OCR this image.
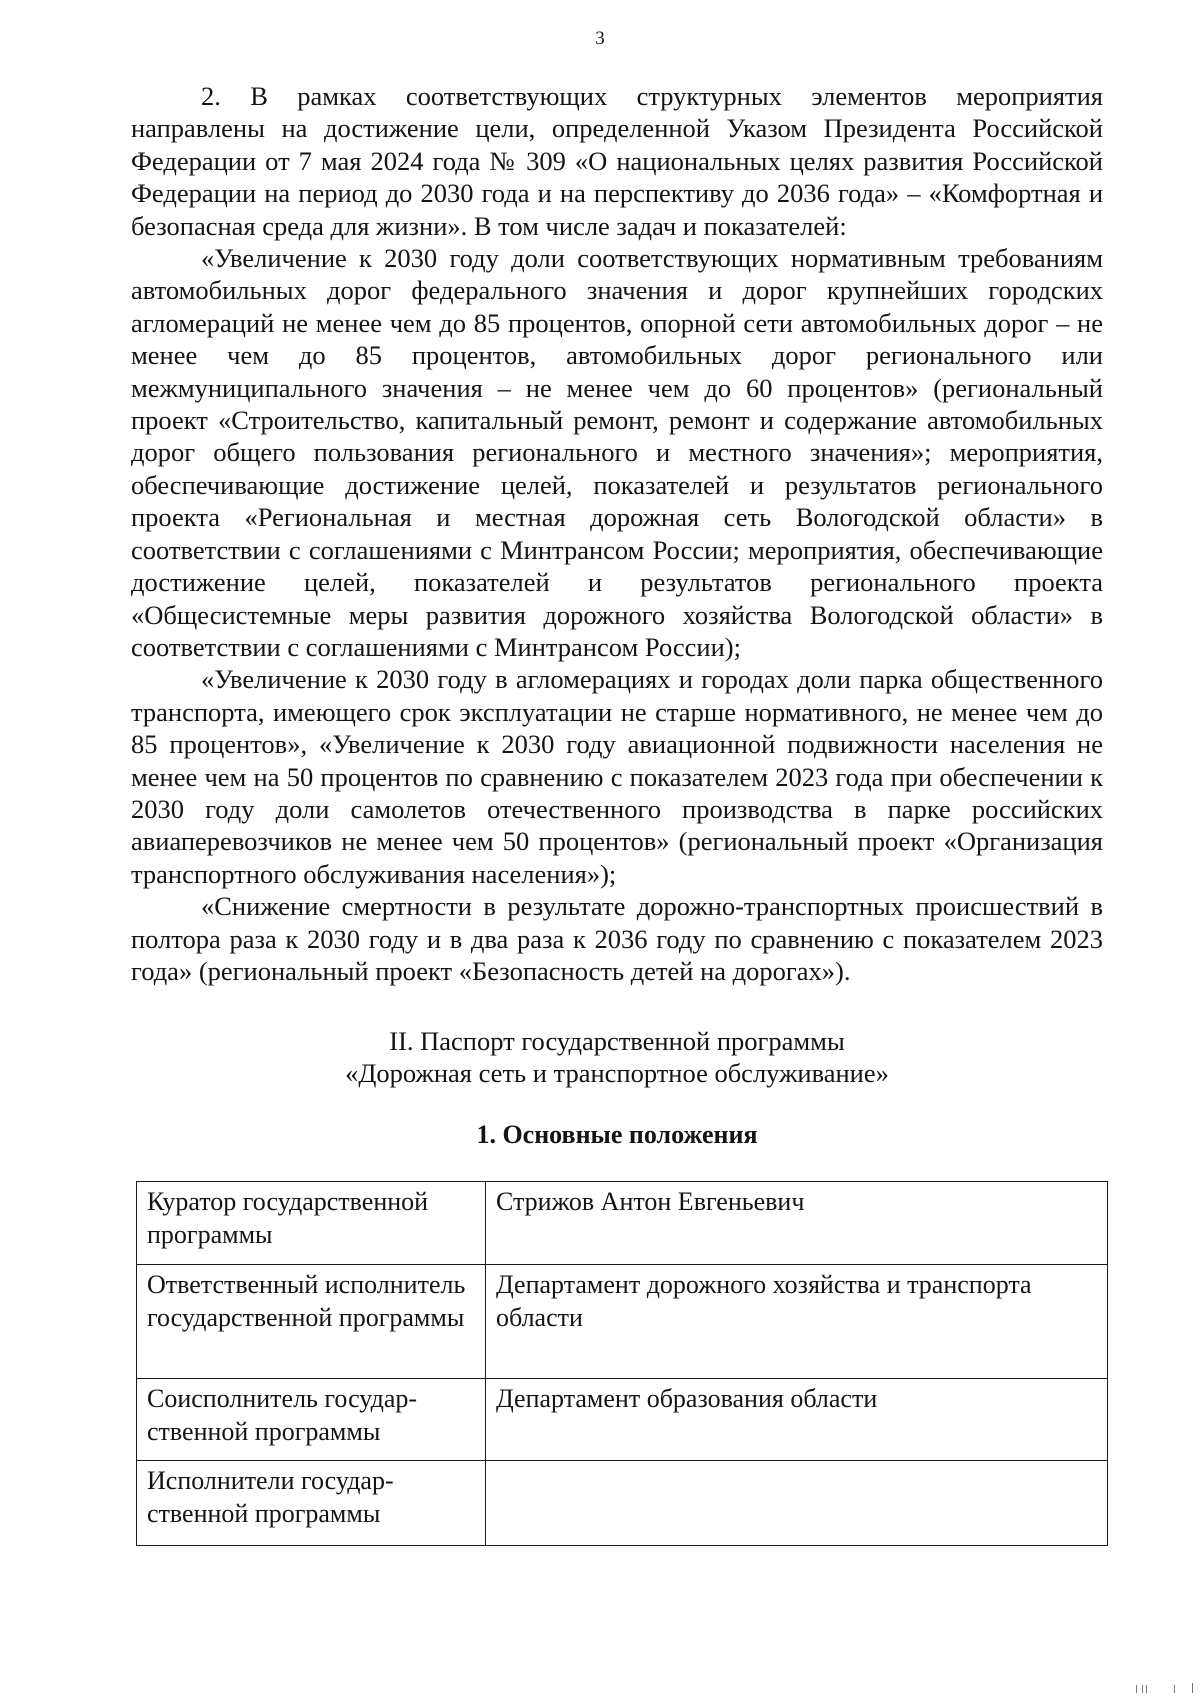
3

2. В рамках соответствующих структурных элементов мероприятия направлены на достижение цели, определенной Указом Президента Российской Федерации от 7 мая 2024 года № 309 «О национальных целях развития Российской Федерации на период до 2030 года и на перспективу до 2036 года» – «Комфортная и безопасная среда для жизни». В том числе задач и показателей:

«Увеличение к 2030 году доли соответствующих нормативным требованиям автомобильных дорог федерального значения и дорог крупнейших городских агломераций не менее чем до 85 процентов, опорной сети автомобильных дорог – не менее чем до 85 процентов, автомобильных дорог регионального или межмуниципального значения – не менее чем до 60 процентов» (региональный проект «Строительство, капитальный ремонт, ремонт и содержание автомобильных дорог общего пользования регионального и местного значения»; мероприятия, обеспечивающие достижение целей, показателей и результатов регионального проекта «Региональная и местная дорожная сеть Вологодской области» в соответствии с соглашениями с Минтрансом России; мероприятия, обеспечивающие достижение целей, показателей и результатов регионального проекта «Общесистемные меры развития дорожного хозяйства Вологодской области» в соответствии с соглашениями с Минтрансом России);

«Увеличение к 2030 году в агломерациях и городах доли парка общественного транспорта, имеющего срок эксплуатации не старше нормативного, не менее чем до 85 процентов», «Увеличение к 2030 году авиационной подвижности населения не менее чем на 50 процентов по сравнению с показателем 2023 года при обеспечении к 2030 году доли самолетов отечественного производства в парке российских авиаперевозчиков не менее чем 50 процентов» (региональный проект «Организация транспортного обслуживания населения»);

«Снижение смертности в результате дорожно-транспортных происшествий в полтора раза к 2030 году и в два раза к 2036 году по сравнению с показателем 2023 года» (региональный проект «Безопасность детей на дорогах»).

II. Паспорт государственной программы
«Дорожная сеть и транспортное обслуживание»
1. Основные положения
Куратор государственной программы	Стрижов Антон Евгеньевич
Ответственный исполнитель государственной программы	Департамент дорожного хозяйства и транспорта области
Соисполнитель государственной программы	Департамент образования области
Исполнители государственной программы	
